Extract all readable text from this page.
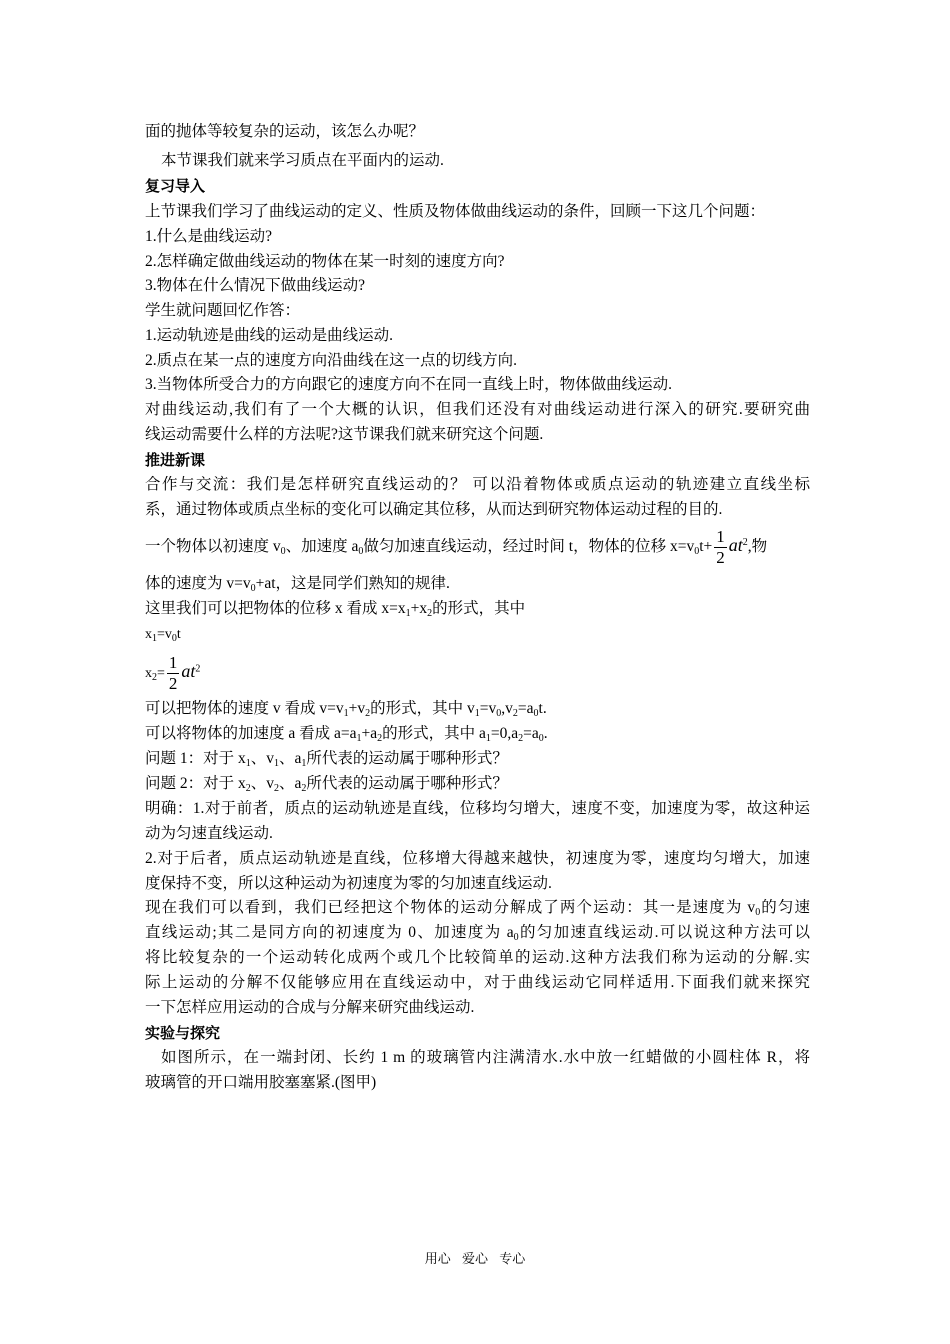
面的抛体等较复杂的运动，该怎么办呢？
本节课我们就来学习质点在平面内的运动.
复习导入
上节课我们学习了曲线运动的定义、性质及物体做曲线运动的条件，回顾一下这几个问题：
1.什么是曲线运动?
2.怎样确定做曲线运动的物体在某一时刻的速度方向?
3.物体在什么情况下做曲线运动?
学生就问题回忆作答：
1.运动轨迹是曲线的运动是曲线运动.
2.质点在某一点的速度方向沿曲线在这一点的切线方向.
3.当物体所受合力的方向跟它的速度方向不在同一直线上时，物体做曲线运动.
对曲线运动,我们有了一个大概的认识，但我们还没有对曲线运动进行深入的研究.要研究曲
线运动需要什么样的方法呢?这节课我们就来研究这个问题.
推进新课
合作与交流：我们是怎样研究直线运动的？ 可以沿着物体或质点运动的轨迹建立直线坐标
系，通过物体或质点坐标的变化可以确定其位移，从而达到研究物体运动过程的目的.
一个物体以初速度 $v_0$、加速度 $a_0$做匀加速直线运动，经过时间 t，物体的位移 $x=v_0t+ \frac{1}{2} at^2$,物
体的速度为 $v=v_0+at$，这是同学们熟知的规律.
这里我们可以把物体的位移 x 看成 $x=x_1+x_2$的形式，其中
$x_1=v_0t$
$x_2= \frac{1}{2} at^2$
可以把物体的速度 v 看成 $v=v_1+v_2$的形式，其中 $v_1=v_0,v_2=a_0t$.
可以将物体的加速度 a 看成 $a=a_1+a_2$的形式，其中 $a_1=0,a_2=a_0$.
问题 1：对于 $x_1$、$v_1$、$a_1$所代表的运动属于哪种形式？
问题 2：对于 $x_2$、$v_2$、$a_2$所代表的运动属于哪种形式？
明确：1.对于前者，质点的运动轨迹是直线，位移均匀增大，速度不变，加速度为零，故这种运
动为匀速直线运动.
2.对于后者，质点运动轨迹是直线，位移增大得越来越快，初速度为零，速度均匀增大，加速
度保持不变，所以这种运动为初速度为零的匀加速直线运动.
现在我们可以看到，我们已经把这个物体的运动分解成了两个运动：其一是速度为 $v_0$的匀速
直线运动;其二是同方向的初速度为 0、加速度为 $a_0$的匀加速直线运动.可以说这种方法可以
将比较复杂的一个运动转化成两个或几个比较简单的运动.这种方法我们称为运动的分解.实
际上运动的分解不仅能够应用在直线运动中，对于曲线运动它同样适用.下面我们就来探究
一下怎样应用运动的合成与分解来研究曲线运动.
实验与探究
如图所示，在一端封闭、长约 1 m 的玻璃管内注满清水.水中放一红蜡做的小圆柱体 R，将
玻璃管的开口端用胶塞塞紧.(图甲)
用心 爱心 专心
